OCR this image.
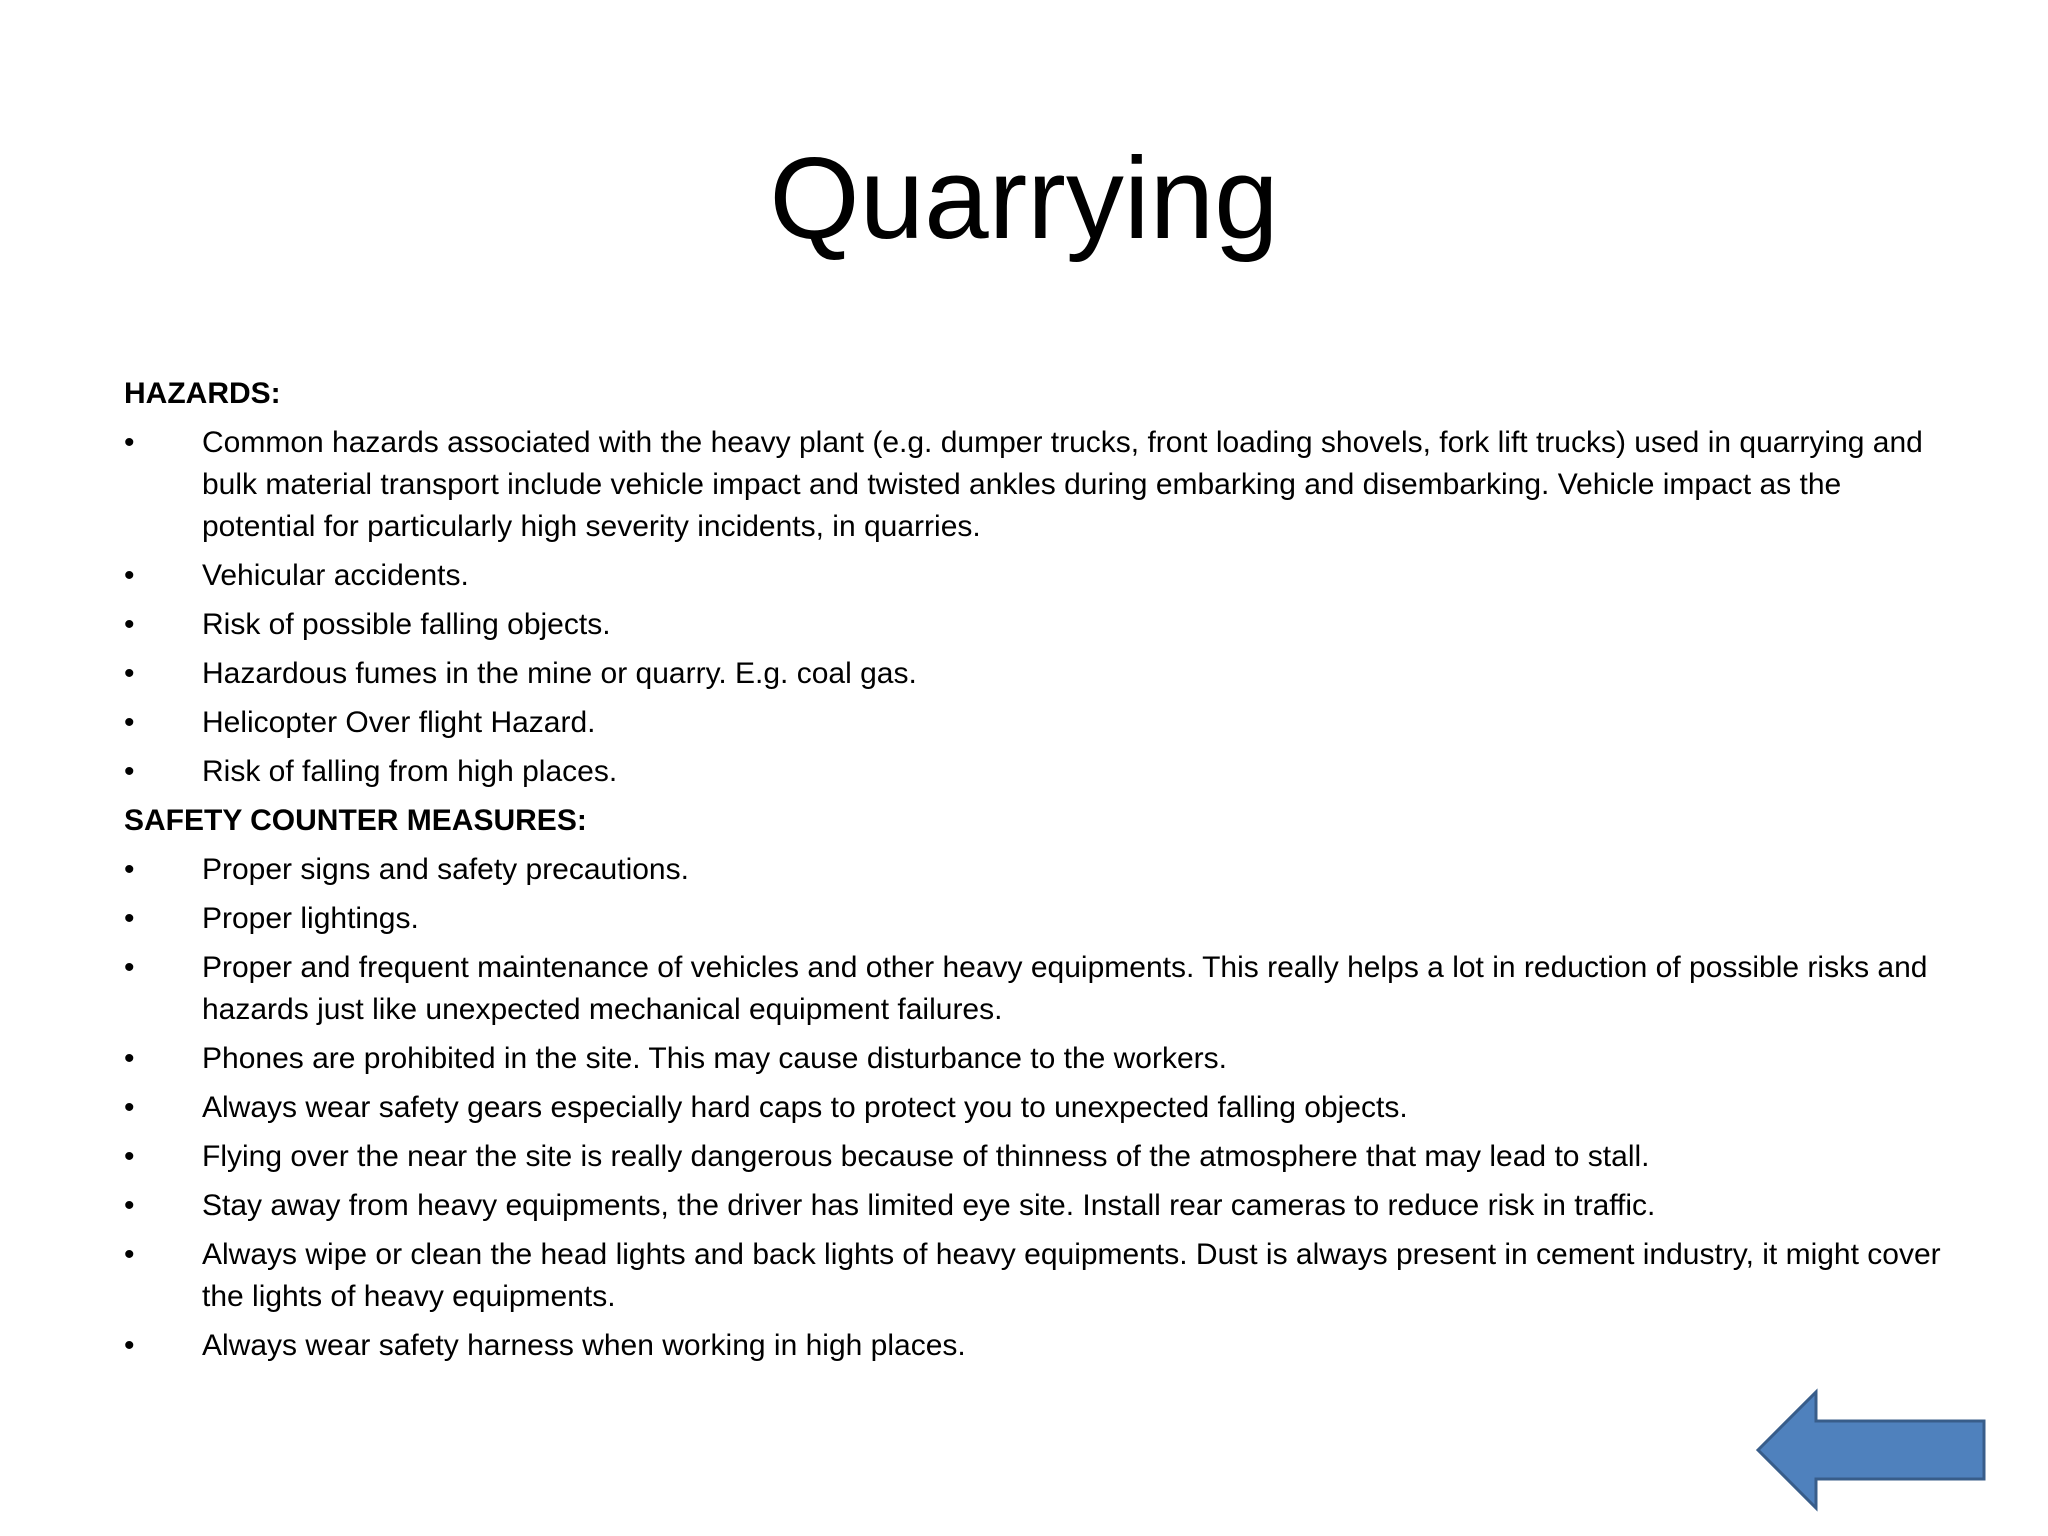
Quarrying
HAZARDS:
•	Common hazards associated with the heavy plant (e.g. dumper trucks, front loading shovels, fork lift trucks) used in quarrying and bulk material transport include vehicle impact and twisted ankles during embarking and disembarking. Vehicle impact as the potential for particularly high severity incidents, in quarries.
•	Vehicular accidents.
•	Risk of possible falling objects.
•	Hazardous fumes in the mine or quarry. E.g. coal gas.
•	Helicopter Over flight Hazard.
•	Risk of falling from high places.
SAFETY COUNTER MEASURES:
•	Proper signs and safety precautions.
•	Proper lightings.
•	Proper and frequent maintenance of vehicles and other heavy equipments. This really helps a lot in reduction of possible risks and hazards just like unexpected mechanical equipment failures.
•	Phones are prohibited in the site. This may cause disturbance to the workers.
•	Always wear safety gears especially hard caps to protect you to unexpected falling objects.
•	Flying over the near the site is really dangerous because of thinness of the atmosphere that may lead to stall.
•	Stay away from heavy equipments, the driver has limited eye site. Install rear cameras to reduce risk in traffic.
•	Always wipe or clean the head lights and back lights of heavy equipments. Dust is always present in cement industry, it might cover the lights of heavy equipments.
•	Always wear safety harness when working in high places.
